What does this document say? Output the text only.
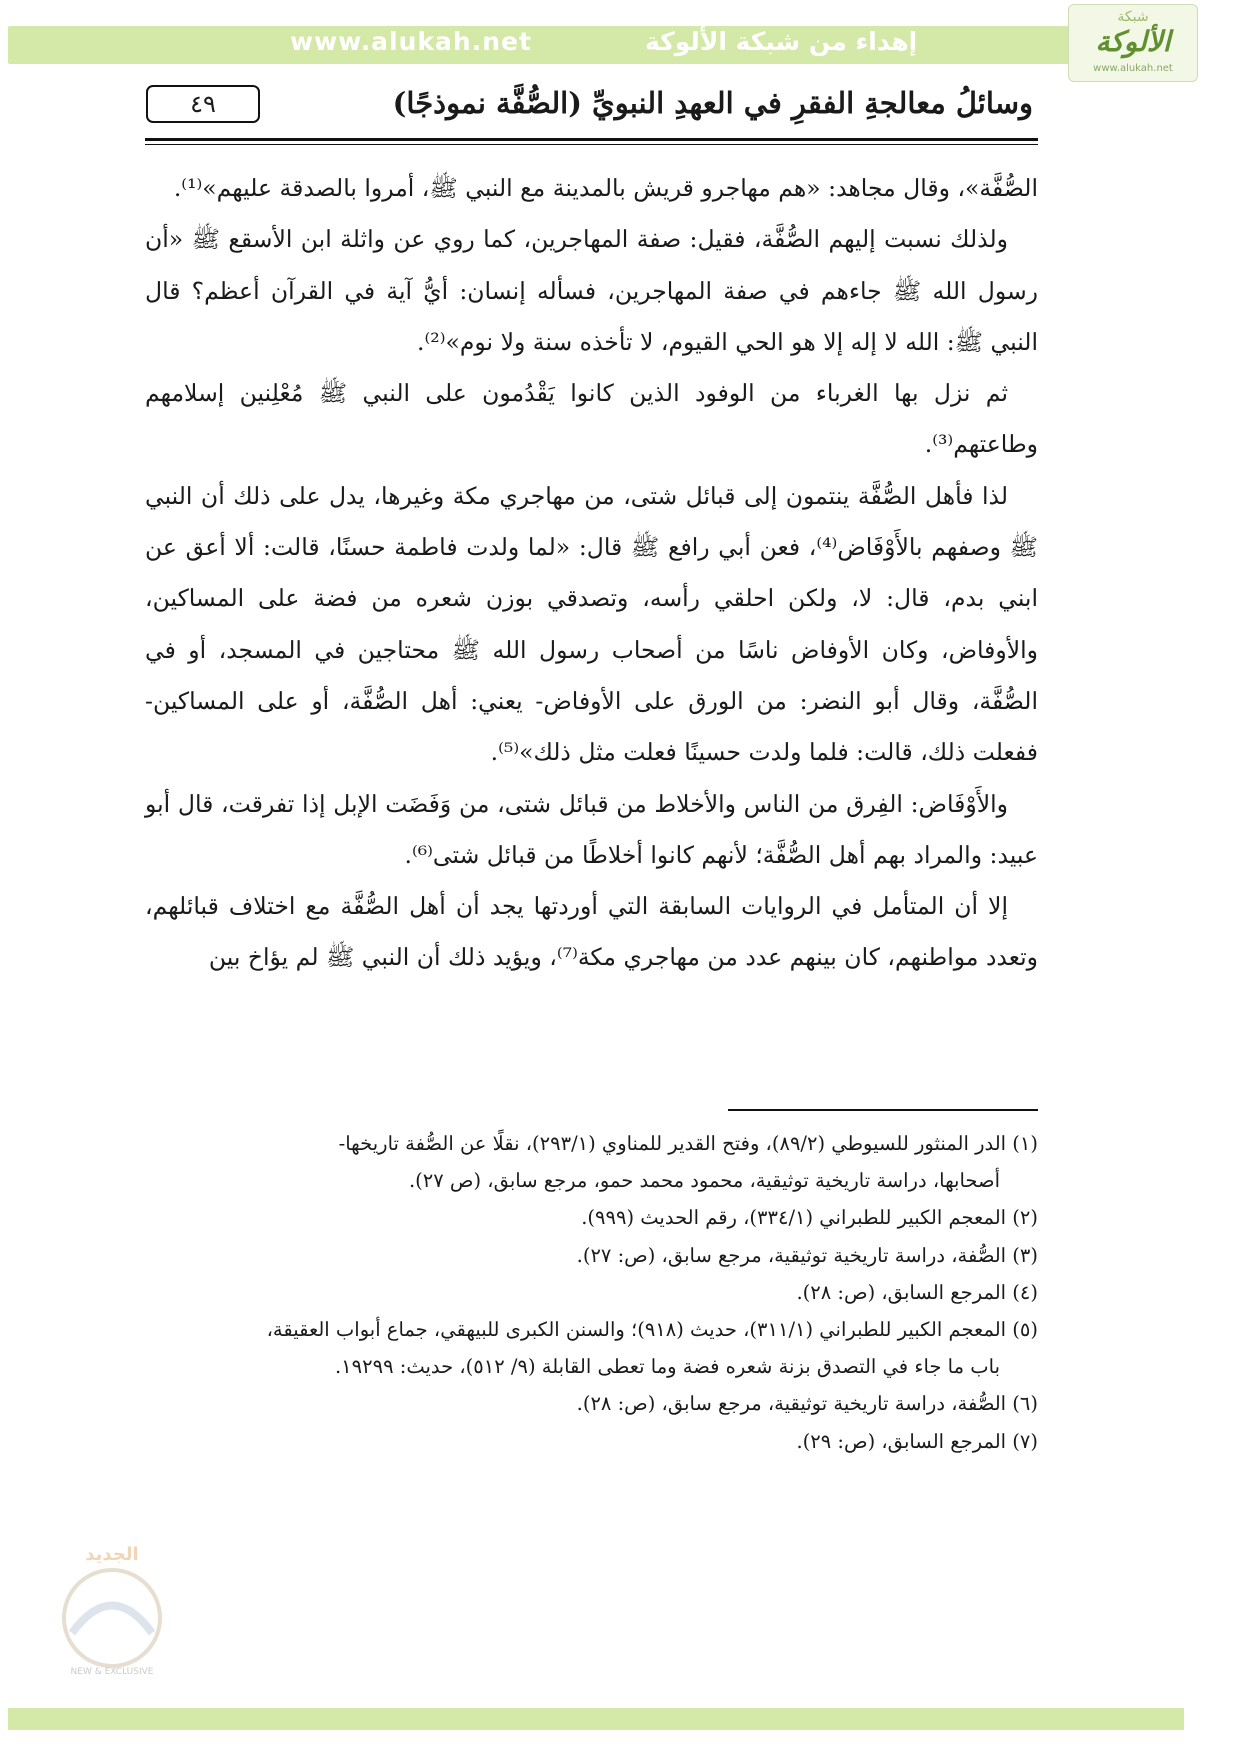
www.alukah.net	إهداء من شبكة الألوكة
شبكة
الألوكة
www.alukah.net
٤٩	وسائلُ معالجةِ الفقرِ في العهدِ النبويِّ (الصُّفَّة نموذجًا)

الصُّفَّة»، وقال مجاهد: «هم مهاجرو قريش بالمدينة مع النبي ﷺ، أمروا بالصدقة عليهم»⁽¹⁾.

ولذلك نسبت إليهم الصُّفَّة، فقيل: صفة المهاجرين، كما روي عن واثلة ابن الأسقع ﷺ «أن رسول الله ﷺ جاءهم في صفة المهاجرين، فسأله إنسان: أيُّ آية في القرآن أعظم؟ قال النبي ﷺ: الله لا إله إلا هو الحي القيوم، لا تأخذه سنة ولا نوم»⁽²⁾.

ثم نزل بها الغرباء من الوفود الذين كانوا يَقْدُمون على النبي ﷺ مُعْلِنين إسلامهم وطاعتهم⁽³⁾.

لذا فأهل الصُّفَّة ينتمون إلى قبائل شتى، من مهاجري مكة وغيرها، يدل على ذلك أن النبي ﷺ وصفهم بالأَوْفَاض⁽⁴⁾، فعن أبي رافع ﷺ قال: «لما ولدت فاطمة حسنًا، قالت: ألا أعق عن ابني بدم، قال: لا، ولكن احلقي رأسه، وتصدقي بوزن شعره من فضة على المساكين، والأوفاض، وكان الأوفاض ناسًا من أصحاب رسول الله ﷺ محتاجين في المسجد، أو في الصُّفَّة، وقال أبو النضر: من الورق على الأوفاض- يعني: أهل الصُّفَّة، أو على المساكين- ففعلت ذلك، قالت: فلما ولدت حسينًا فعلت مثل ذلك»⁽⁵⁾.

والأَوْفَاض: الفِرق من الناس والأخلاط من قبائل شتى، من وَفَضَت الإبل إذا تفرقت، قال أبو عبيد: والمراد بهم أهل الصُّفَّة؛ لأنهم كانوا أخلاطًا من قبائل شتى⁽⁶⁾.

إلا أن المتأمل في الروايات السابقة التي أوردتها يجد أن أهل الصُّفَّة مع اختلاف قبائلهم، وتعدد مواطنهم، كان بينهم عدد من مهاجري مكة⁽⁷⁾، ويؤيد ذلك أن النبي ﷺ لم يؤاخ بين

(١) الدر المنثور للسيوطي (٨٩/٢)، وفتح القدير للمناوي (٢٩٣/١)، نقلًا عن الصُّفة تاريخها-

أصحابها، دراسة تاريخية توثيقية، محمود محمد حمو، مرجع سابق، (ص ٢٧).

(٢) المعجم الكبير للطبراني (٣٣٤/١)، رقم الحديث (٩٩٩).

(٣) الصُّفة، دراسة تاريخية توثيقية، مرجع سابق، (ص: ٢٧).

(٤) المرجع السابق، (ص: ٢٨).

(٥) المعجم الكبير للطبراني (٣١١/١)، حديث (٩١٨)؛ والسنن الكبرى للبيهقي، جماع أبواب العقيقة،

باب ما جاء في التصدق بزنة شعره فضة وما تعطى القابلة (٩/ ٥١٢)، حديث: ١٩٢٩٩.

(٦) الصُّفة، دراسة تاريخية توثيقية، مرجع سابق، (ص: ٢٨).

(٧) المرجع السابق، (ص: ٢٩).

الجديد
NEW & EXCLUSIVE
